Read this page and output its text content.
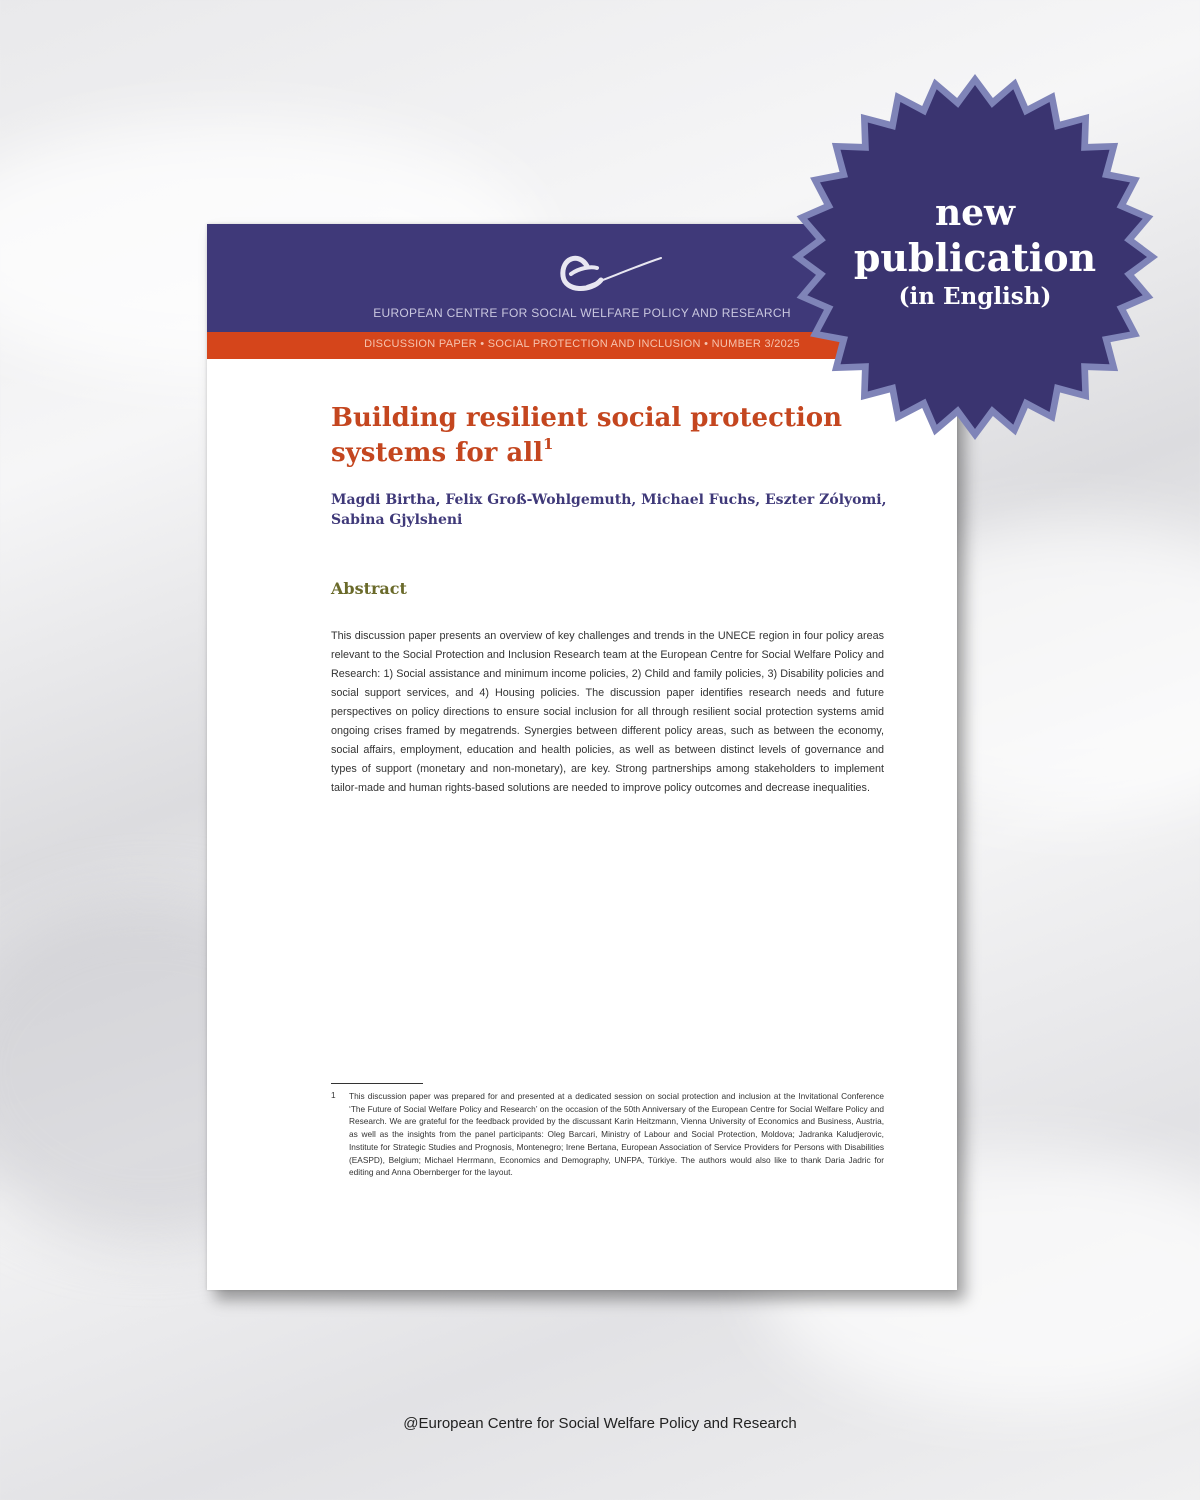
EUROPEAN CENTRE FOR SOCIAL WELFARE POLICY AND RESEARCH
DISCUSSION PAPER • SOCIAL PROTECTION AND INCLUSION • NUMBER 3/2025
Building resilient social protection systems for all$^1$
Magdi Birtha, Felix Groß-Wohlgemuth, Michael Fuchs, Eszter Zólyomi, Sabina Gjylsheni
Abstract
This discussion paper presents an overview of key challenges and trends in the UNECE region in four policy areas relevant to the Social Protection and Inclusion Research team at the European Centre for Social Welfare Policy and Research: 1) Social assistance and minimum income policies, 2) Child and family policies, 3) Disability policies and social support services, and 4) Housing policies. The discussion paper identifies research needs and future perspectives on policy directions to ensure social inclusion for all through resilient social protection systems amid ongoing crises framed by megatrends. Synergies between different policy areas, such as between the economy, social affairs, employment, education and health policies, as well as between distinct levels of governance and types of support (monetary and non-monetary), are key. Strong partnerships among stakeholders to implement tailor-made and human rights-based solutions are needed to improve policy outcomes and decrease inequalities.
1 This discussion paper was prepared for and presented at a dedicated session on social protection and inclusion at the Invitational Conference ‘The Future of Social Welfare Policy and Research’ on the occasion of the 50th Anniversary of the European Centre for Social Welfare Policy and Research. We are grateful for the feedback provided by the discussant Karin Heitzmann, Vienna University of Economics and Business, Austria, as well as the insights from the panel participants: Oleg Barcari, Ministry of Labour and Social Protection, Moldova; Jadranka Kaludjerovic, Institute for Strategic Studies and Prognosis, Montenegro; Irene Bertana, European Association of Service Providers for Persons with Disabilities (EASPD), Belgium; Michael Herrmann, Economics and Demography, UNFPA, Türkiye. The authors would also like to thank Daria Jadric for editing and Anna Obernberger for the layout.
new
publication
(in English)
@European Centre for Social Welfare Policy and Research
